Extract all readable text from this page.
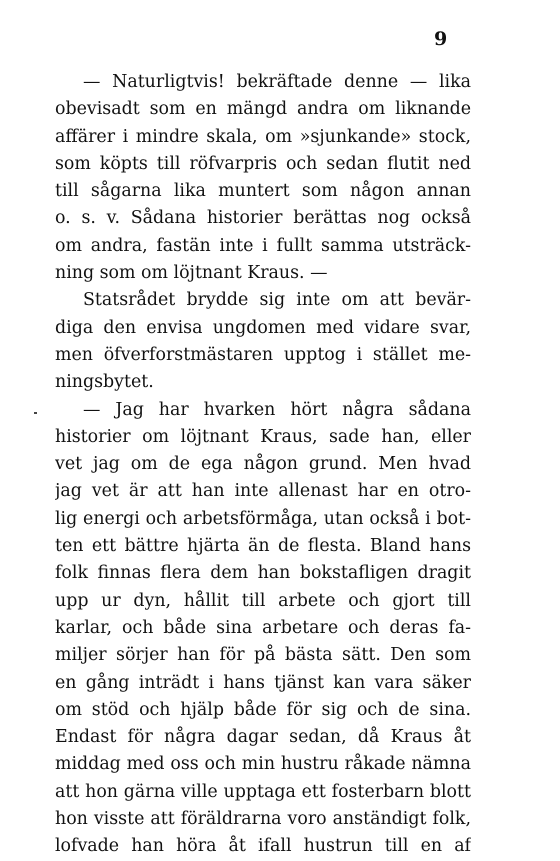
9
— Naturligtvis! bekräftade denne — lika
obevisadt som en mängd andra om liknande
affärer i mindre skala, om »sjunkande» stock,
som köpts till röfvarpris och sedan flutit ned
till sågarna lika muntert som någon annan
o. s. v. Sådana historier berättas nog också
om andra, fastän inte i fullt samma utsträck-
ning som om löjtnant Kraus. —
Statsrådet brydde sig inte om att bevär-
diga den envisa ungdomen med vidare svar,
men öfverforstmästaren upptog i stället me-
ningsbytet.
— Jag har hvarken hört några sådana
historier om löjtnant Kraus, sade han, eller
vet jag om de ega någon grund. Men hvad
jag vet är att han inte allenast har en otro-
lig energi och arbetsförmåga, utan också i bot-
ten ett bättre hjärta än de flesta. Bland hans
folk finnas flera dem han bokstafligen dragit
upp ur dyn, hållit till arbete och gjort till
karlar, och både sina arbetare och deras fa-
miljer sörjer han för på bästa sätt. Den som
en gång inträdt i hans tjänst kan vara säker
om stöd och hjälp både för sig och de sina.
Endast för några dagar sedan, då Kraus åt
middag med oss och min hustru råkade nämna
att hon gärna ville upptaga ett fosterbarn blott
hon visste att föräldrarna voro anständigt folk,
lofvade han höra åt ifall hustrun till en af
